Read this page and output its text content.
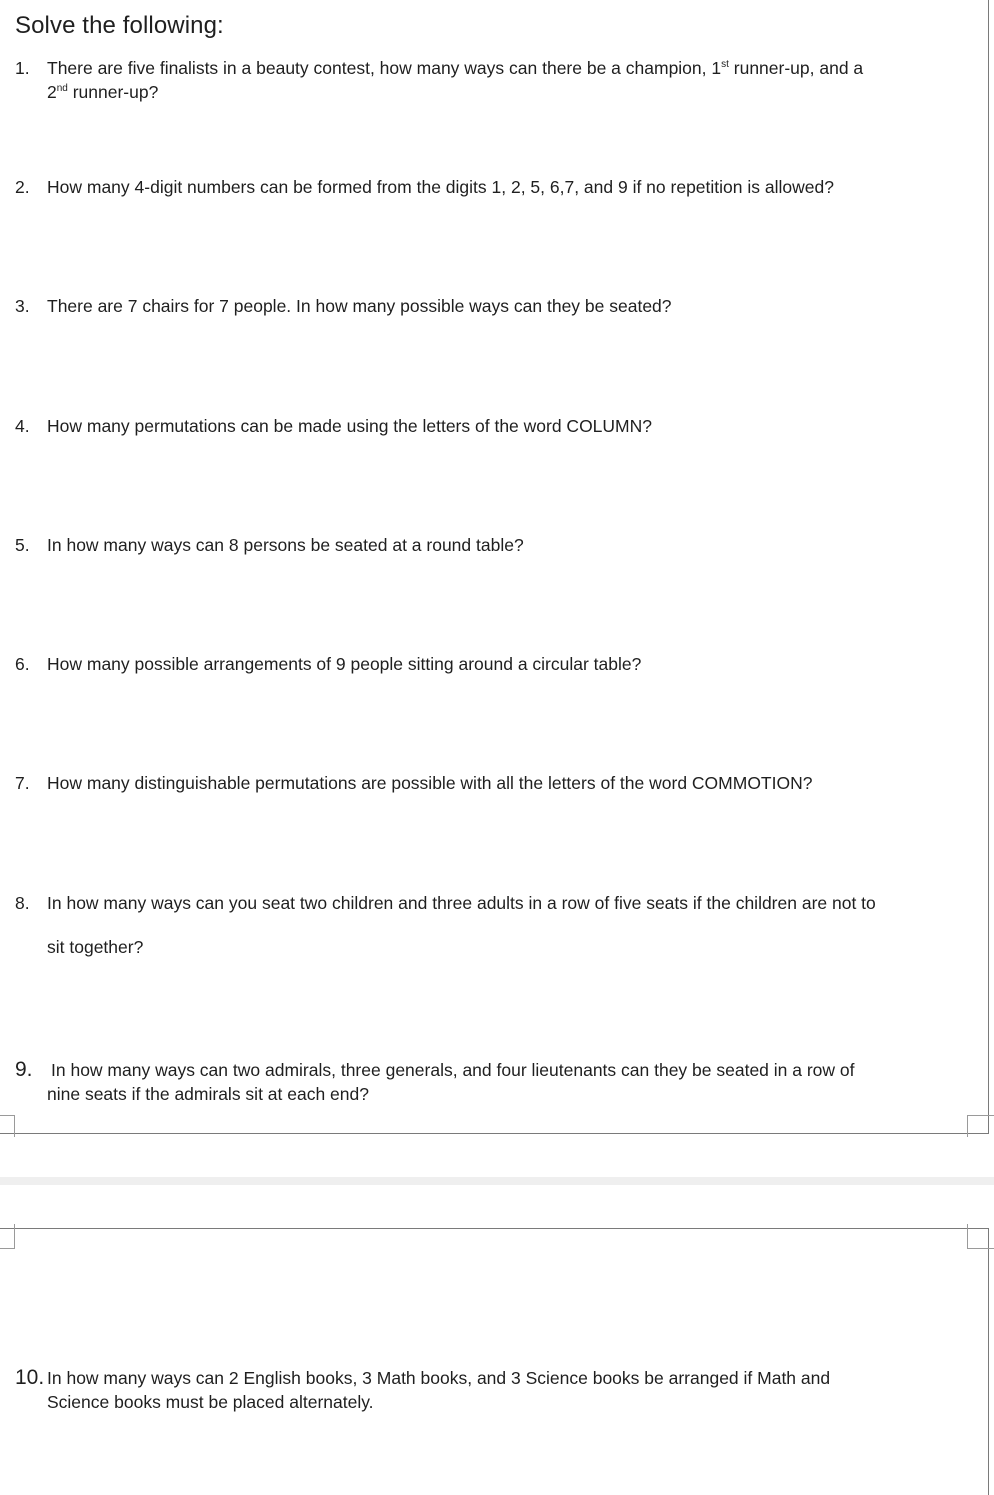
Solve the following:
1. There are five finalists in a beauty contest, how many ways can there be a champion, 1st runner-up, and a
2nd runner-up?
2. How many 4-digit numbers can be formed from the digits 1, 2, 5, 6,7, and 9 if no repetition is allowed?
3. There are 7 chairs for 7 people. In how many possible ways can they be seated?
4. How many permutations can be made using the letters of the word COLUMN?
5. In how many ways can 8 persons be seated at a round table?
6. How many possible arrangements of 9 people sitting around a circular table?
7. How many distinguishable permutations are possible with all the letters of the word COMMOTION?
8. In how many ways can you seat two children and three adults in a row of five seats if the children are not to
sit together?
9. In how many ways can two admirals, three generals, and four lieutenants can they be seated in a row of
nine seats if the admirals sit at each end?
10. In how many ways can 2 English books, 3 Math books, and 3 Science books be arranged if Math and
Science books must be placed alternately.
